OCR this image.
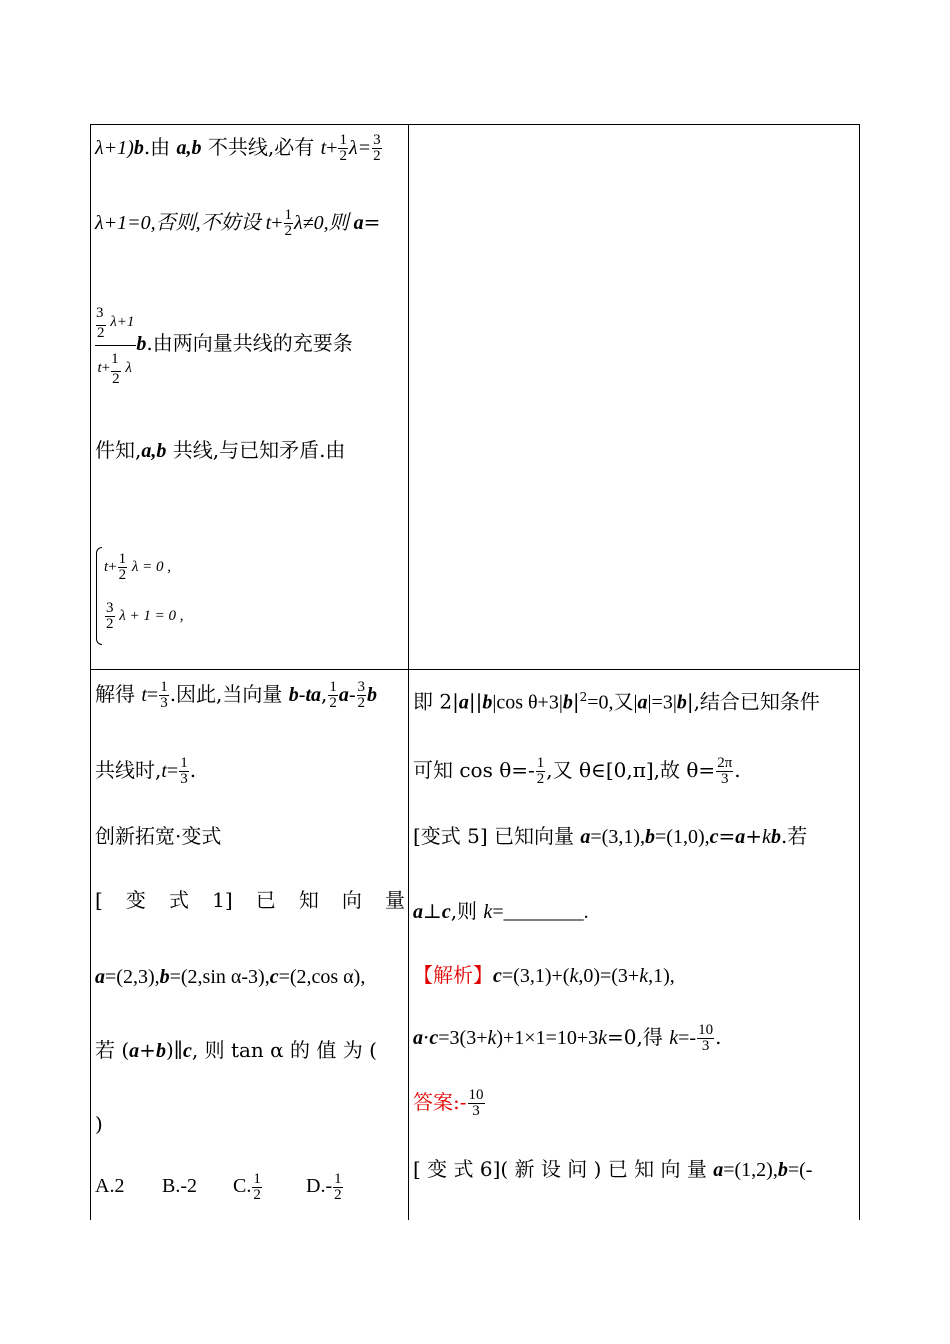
λ+1)b.由 a,b 不共线,必有 $t+ \frac{1}{2} \lambda= \frac{3}{2}$
λ+1=0,否则,不妨设 $t+ \frac{1}{2} \lambda\ne 0$,则 a=
$\frac{\frac{3}{2} \lambda+1}{t+ \frac{1}{2} \lambda} b$.由两向量共线的充要条
件知,a,b 共线,与已知矛盾.由
$t+ \frac{1}{2}$ λ = 0 ,
$\frac{3}{2}$ λ + 1 = 0 ,
解得 $t= \frac{1}{3}$ .因此,当向量 b-ta, $\frac{1}{2} a- \frac{3}{2}$ b
共线时$,t= \frac{1}{3}$ .
创新拓宽·变式
[ 变 式 1] 已 知 向 量
a=(2,3),b=(2,sin α-3),c=(2,cos α),
若 (a+b)∥c, 则 tan α 的 值 为 (
)
A.2 B.-2 C. $\frac{1}{2} D.- \frac{1}{2}$
即 2|a||b|cos $\theta+3|b|^2=0$,又|a|=3|b|,结合已知条件
可知 $\cos \theta=- \frac{1}{2}$ ,又 θ∈[0,π],故 $\theta= \frac{2\pi}{3}$ .
[变式 5] 已知向量 a=(3,1),b=(1,0),c=a+kb.若
a⊥c,则 k=________.
【解析】c=(3,1)+(k,0)=(3+k,1),
a·c=3(3+k)+1×1=10+3k=0,得 $k=- \frac{10}{3}$ .
答案:- $\frac{10}{3}$
[ 变 式 6]( 新 设 问 ) 已 知 向 量 a=(1,2),b=(-
